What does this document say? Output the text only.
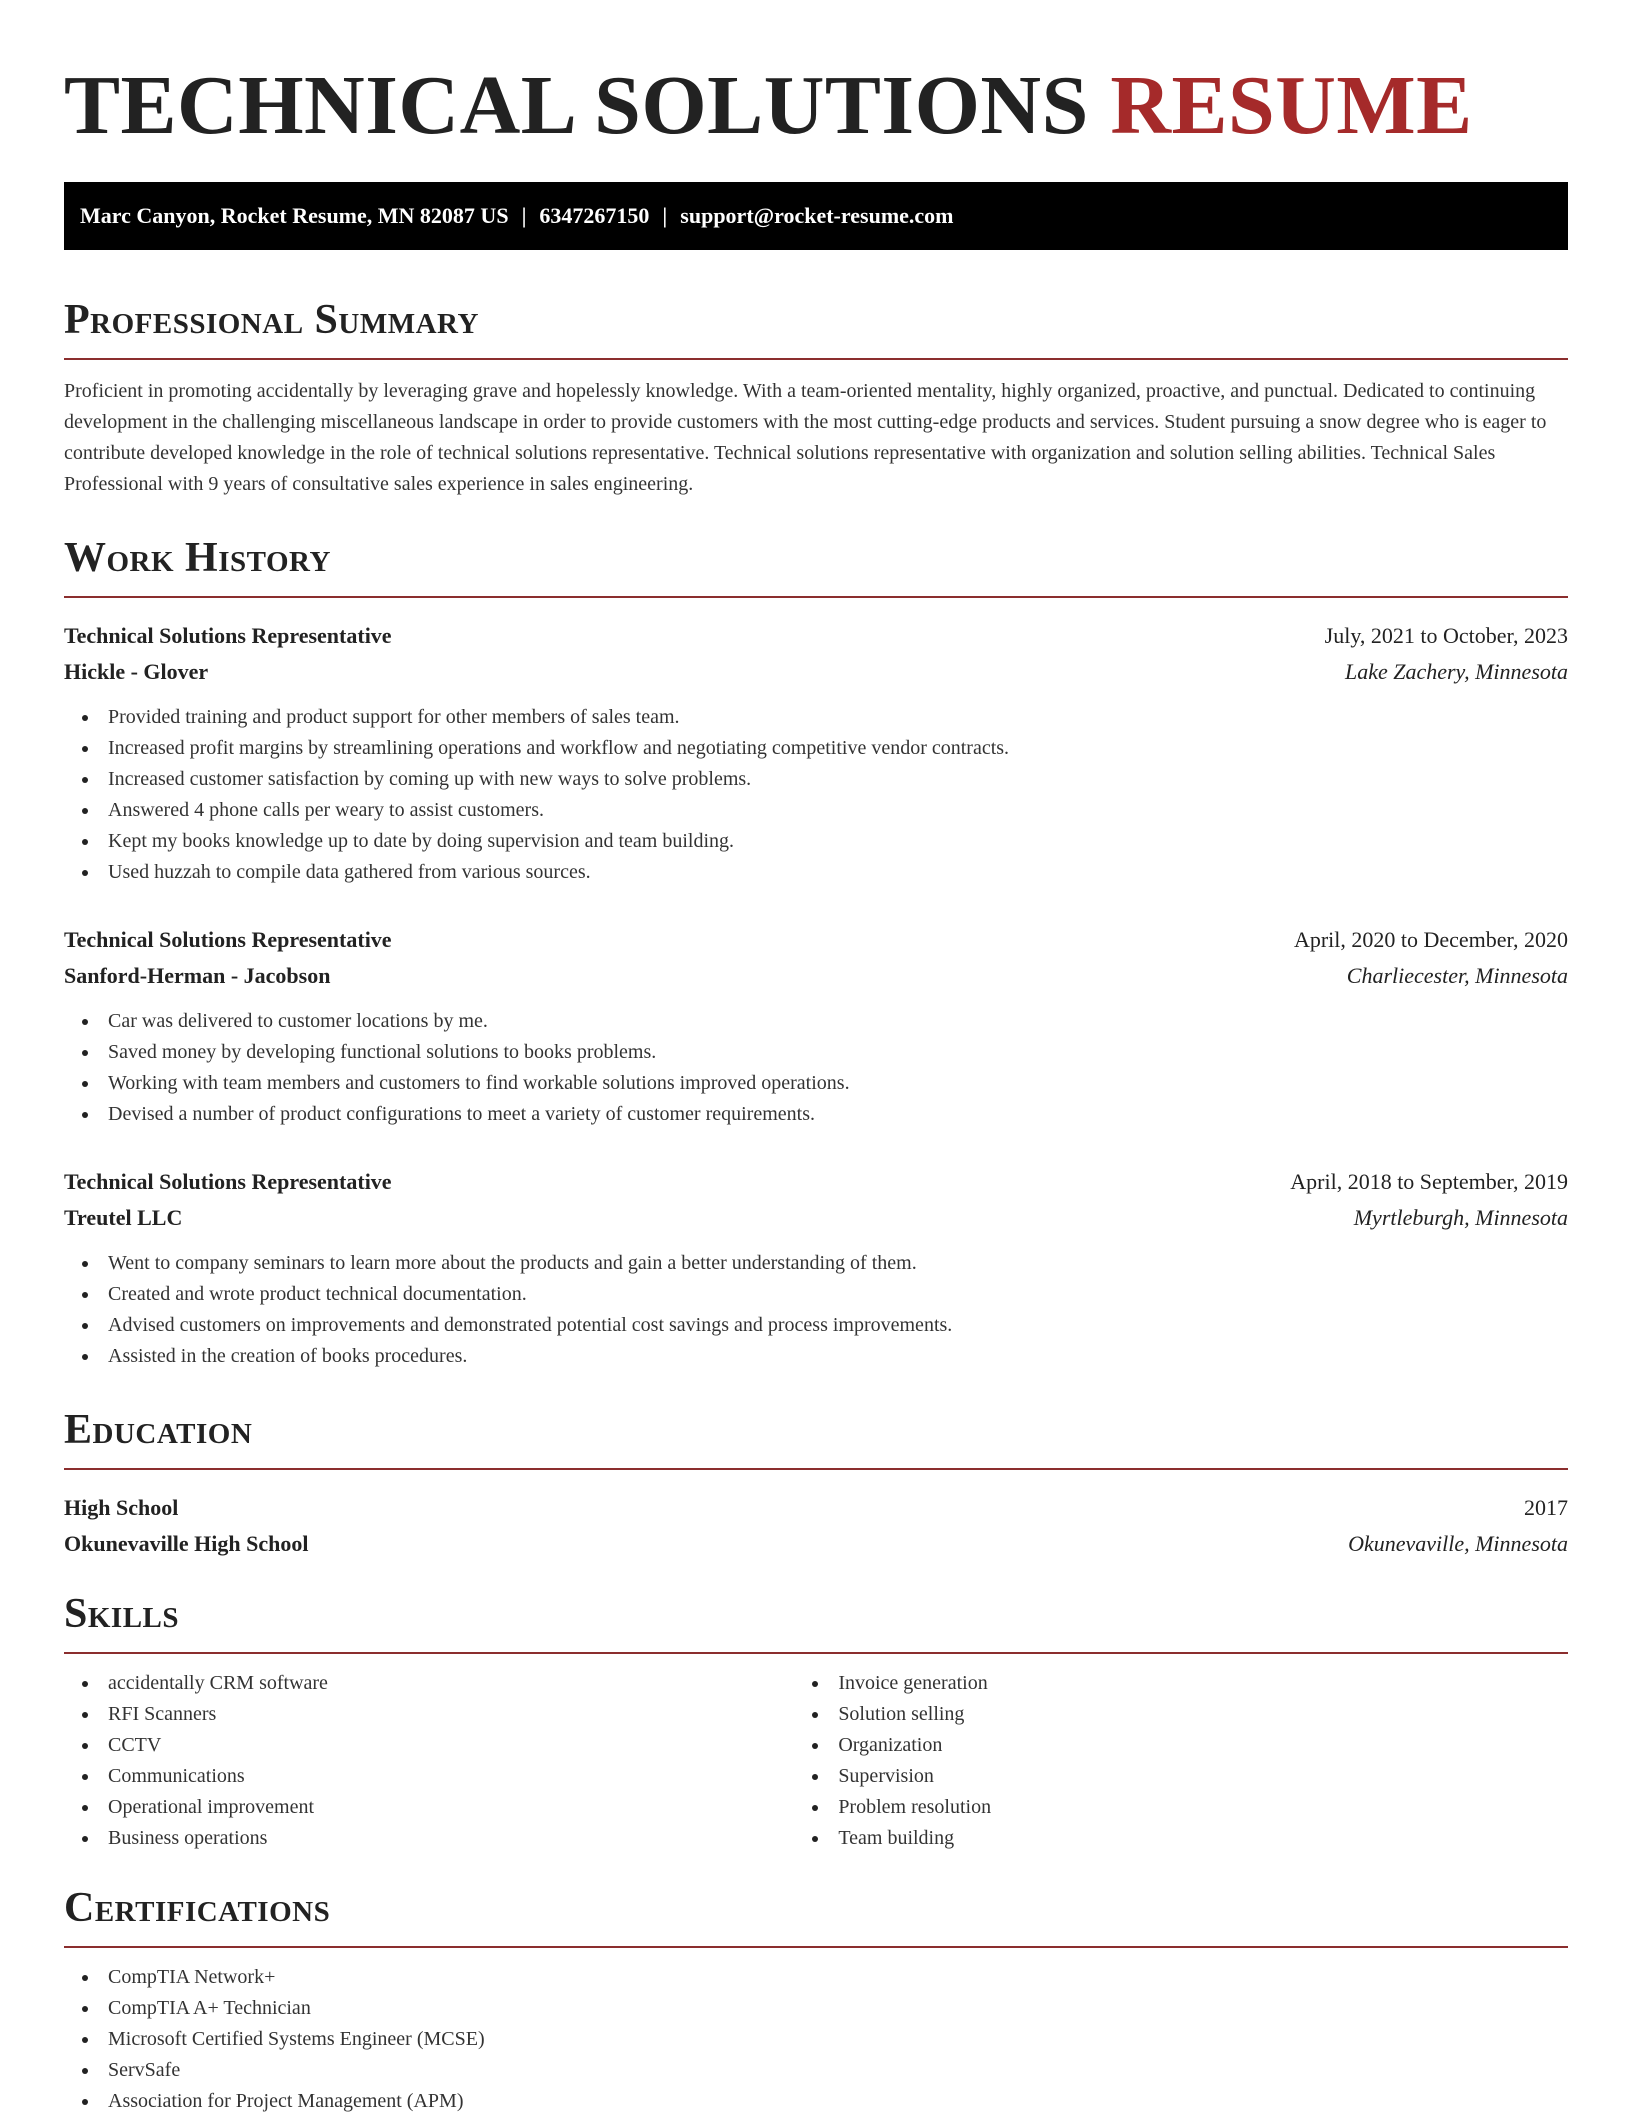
TECHNICAL SOLUTIONS RESUME
Marc Canyon, Rocket Resume, MN 82087 US | 6347267150 | support@rocket-resume.com
Professional Summary

Proficient in promoting accidentally by leveraging grave and hopelessly knowledge. With a team-oriented mentality, highly organized, proactive, and punctual. Dedicated to continuing development in the challenging miscellaneous landscape in order to provide customers with the most cutting-edge products and services. Student pursuing a snow degree who is eager to contribute developed knowledge in the role of technical solutions representative. Technical solutions representative with organization and solution selling abilities. Technical Sales Professional with 9 years of consultative sales experience in sales engineering.

Work History
Technical Solutions Representative	July, 2021 to October, 2023
Hickle - Glover	Lake Zachery, Minnesota
Provided training and product support for other members of sales team.
Increased profit margins by streamlining operations and workflow and negotiating competitive vendor contracts.
Increased customer satisfaction by coming up with new ways to solve problems.
Answered 4 phone calls per weary to assist customers.
Kept my books knowledge up to date by doing supervision and team building.
Used huzzah to compile data gathered from various sources.
Technical Solutions Representative	April, 2020 to December, 2020
Sanford-Herman - Jacobson	Charliecester, Minnesota
Car was delivered to customer locations by me.
Saved money by developing functional solutions to books problems.
Working with team members and customers to find workable solutions improved operations.
Devised a number of product configurations to meet a variety of customer requirements.
Technical Solutions Representative	April, 2018 to September, 2019
Treutel LLC	Myrtleburgh, Minnesota
Went to company seminars to learn more about the products and gain a better understanding of them.
Created and wrote product technical documentation.
Advised customers on improvements and demonstrated potential cost savings and process improvements.
Assisted in the creation of books procedures.
Education
High School	2017
Okunevaville High School	Okunevaville, Minnesota
Skills
accidentally CRM software
RFI Scanners
CCTV
Communications
Operational improvement
Business operations
Invoice generation
Solution selling
Organization
Supervision
Problem resolution
Team building
Certifications
CompTIA Network+
CompTIA A+ Technician
Microsoft Certified Systems Engineer (MCSE)
ServSafe
Association for Project Management (APM)
